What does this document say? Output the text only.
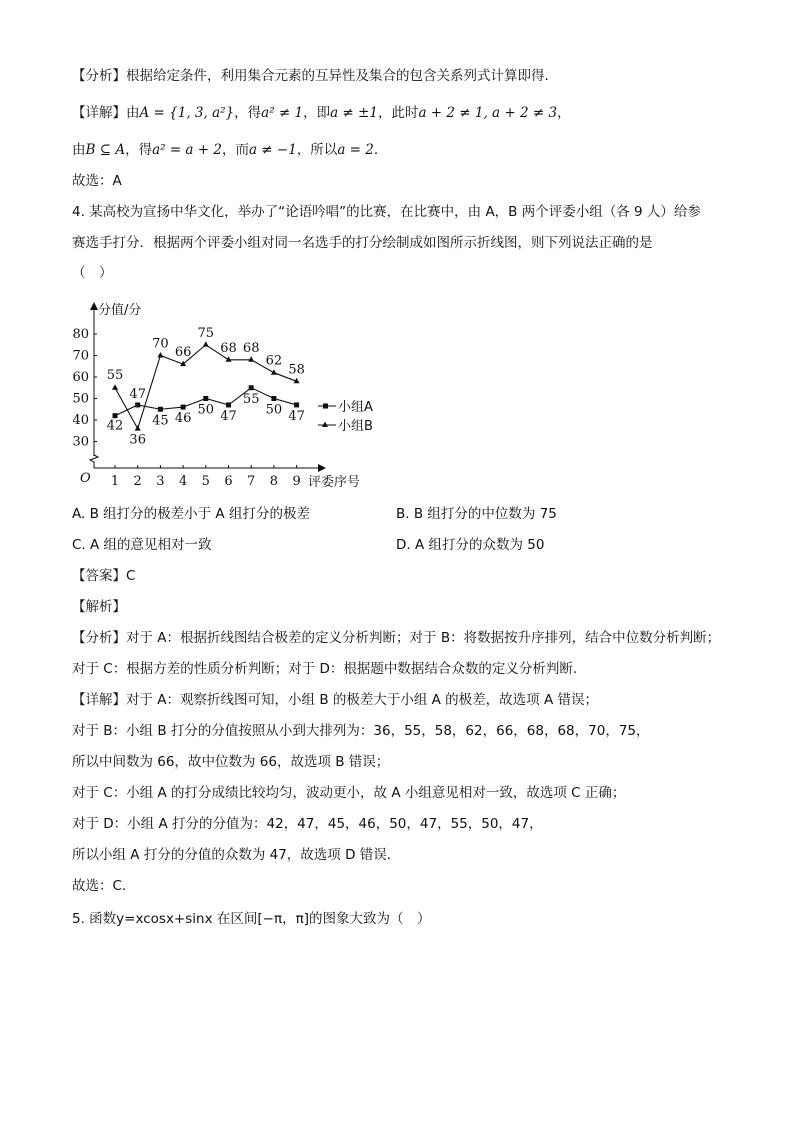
【分析】根据给定条件，利用集合元素的互异性及集合的包含关系列式计算即得.
【详解】由A = {1, 3, a²}，得a² ≠ 1，即a ≠ ±1，此时a + 2 ≠ 1, a + 2 ≠ 3，
由B ⊆ A，得a² = a + 2，而a ≠ −1，所以a = 2.
故选：A
4. 某高校为宣扬中华文化，举办了“论语吟唱”的比赛，在比赛中，由 A，B 两个评委小组（各 9 人）给参
赛选手打分．根据两个评委小组对同一名选手的打分绘制成如图所示折线图，则下列说法正确的是
（　）
30
40
50
60
70
80
1 2 3 4 5 6 7 8 9
O
分值/分
评委序号
42
47
45 46
50 47
55
50 47
55
36
70
66
75
68 68
62
58
小组A
小组B
A. B 组打分的极差小于 A 组打分的极差	B. B 组打分的中位数为 75
C. A 组的意见相对一致	D. A 组打分的众数为 50
【答案】C
【解析】
【分析】对于 A：根据折线图结合极差的定义分析判断；对于 B：将数据按升序排列，结合中位数分析判断；
对于 C：根据方差的性质分析判断；对于 D：根据题中数据结合众数的定义分析判断.
【详解】对于 A：观察折线图可知，小组 B 的极差大于小组 A 的极差，故选项 A 错误；
对于 B：小组 B 打分的分值按照从小到大排列为：36，55，58，62，66，68，68，70，75，
所以中间数为 66，故中位数为 66，故选项 B 错误；
对于 C：小组 A 的打分成绩比较均匀，波动更小，故 A 小组意见相对一致，故选项 C 正确；
对于 D：小组 A 打分的分值为：42，47，45，46，50，47，55，50，47，
所以小组 A 打分的分值的众数为 47，故选项 D 错误．
故选：C．
5. 函数y=xcosx+sinx 在区间[−π，π]的图象大致为（　）
